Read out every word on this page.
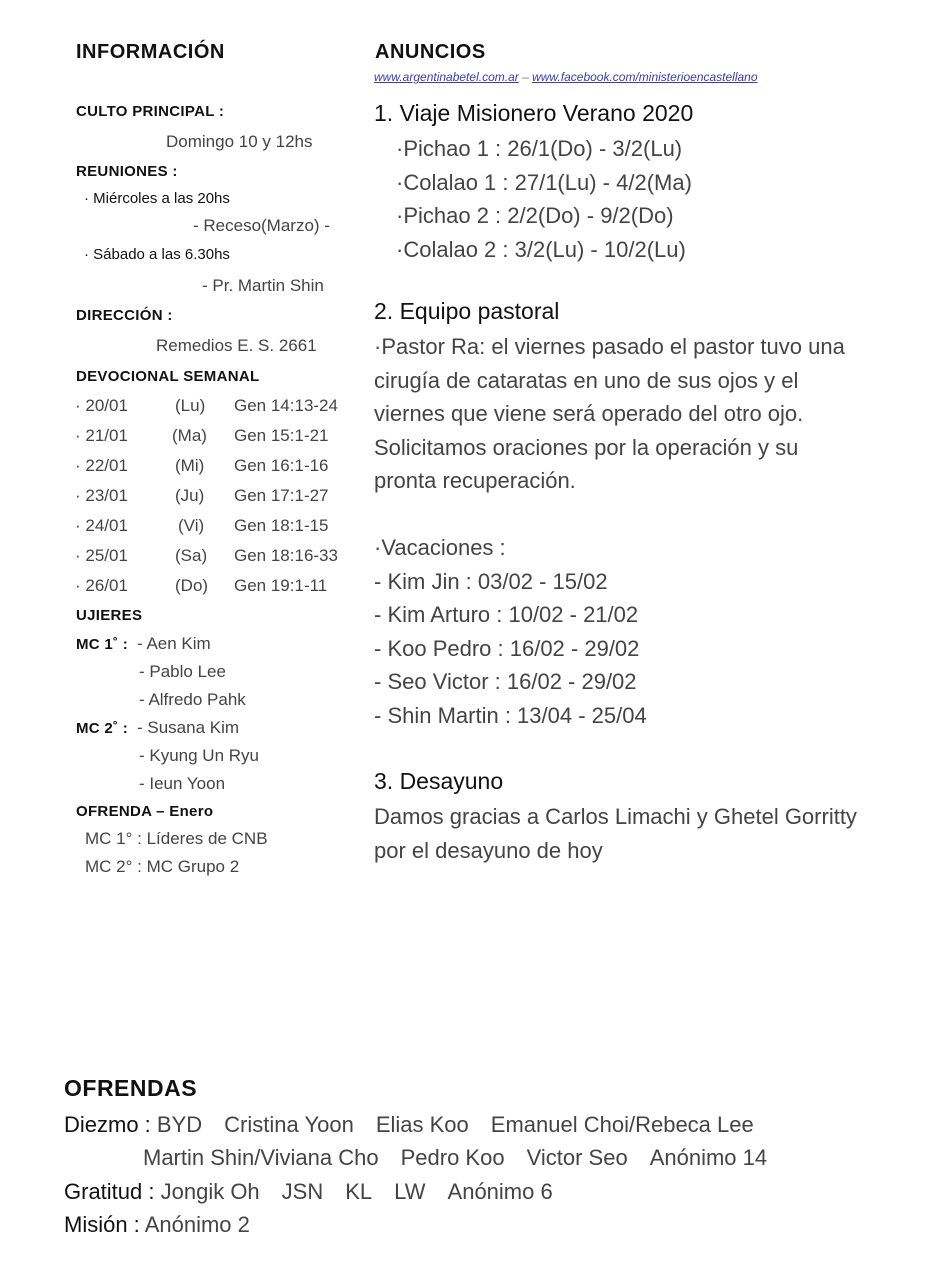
INFORMACIÓN
CULTO PRINCIPAL :
Domingo 10 y 12hs
REUNIONES :
· Miércoles a las 20hs
- Receso(Marzo) -
· Sábado a las 6.30hs
- Pr. Martin Shin
DIRECCIÓN :
Remedios E. S. 2661
DEVOCIONAL SEMANAL
· 20/01	(Lu) Gen 14:13-24
· 21/01	(Ma) Gen 15:1-21
· 22/01	(Mi) Gen 16:1-16
· 23/01	(Ju) Gen 17:1-27
· 24/01	(Vi) Gen 18:1-15
· 25/01	(Sa) Gen 18:16-33
· 26/01	(Do) Gen 19:1-11
UJIERES
MC 1˚ : - Aen Kim
- Pablo Lee
- Alfredo Pahk
MC 2˚ : - Susana Kim
- Kyung Un Ryu
- Ieun Yoon
OFRENDA – Enero
MC 1° : Líderes de CNB
MC 2° : MC Grupo 2
ANUNCIOS
www.argentinabetel.com.ar – www.facebook.com/ministerioencastellano
1. Viaje Misionero Verano 2020
·Pichao 1 : 26/1(Do) - 3/2(Lu)
·Colalao 1 : 27/1(Lu) - 4/2(Ma)
·Pichao 2 : 2/2(Do) - 9/2(Do)
·Colalao 2 : 3/2(Lu) - 10/2(Lu)
2. Equipo pastoral
·Pastor Ra: el viernes pasado el pastor tuvo una
cirugía de cataratas en uno de sus ojos y el
viernes que viene será operado del otro ojo.
Solicitamos oraciones por la operación y su
pronta recuperación.
·Vacaciones :
- Kim Jin : 03/02 - 15/02
- Kim Arturo : 10/02 - 21/02
- Koo Pedro : 16/02 - 29/02
- Seo Victor : 16/02 - 29/02
- Shin Martin : 13/04 - 25/04
3. Desayuno
Damos gracias a Carlos Limachi y Ghetel Gorritty
por el desayuno de hoy
OFRENDAS
Diezmo : BYD Cristina Yoon Elias Koo Emanuel Choi/Rebeca Lee
Martin Shin/Viviana Cho Pedro Koo Victor Seo Anónimo 14
Gratitud : Jongik Oh JSN KL LW Anónimo 6
Misión : Anónimo 2
